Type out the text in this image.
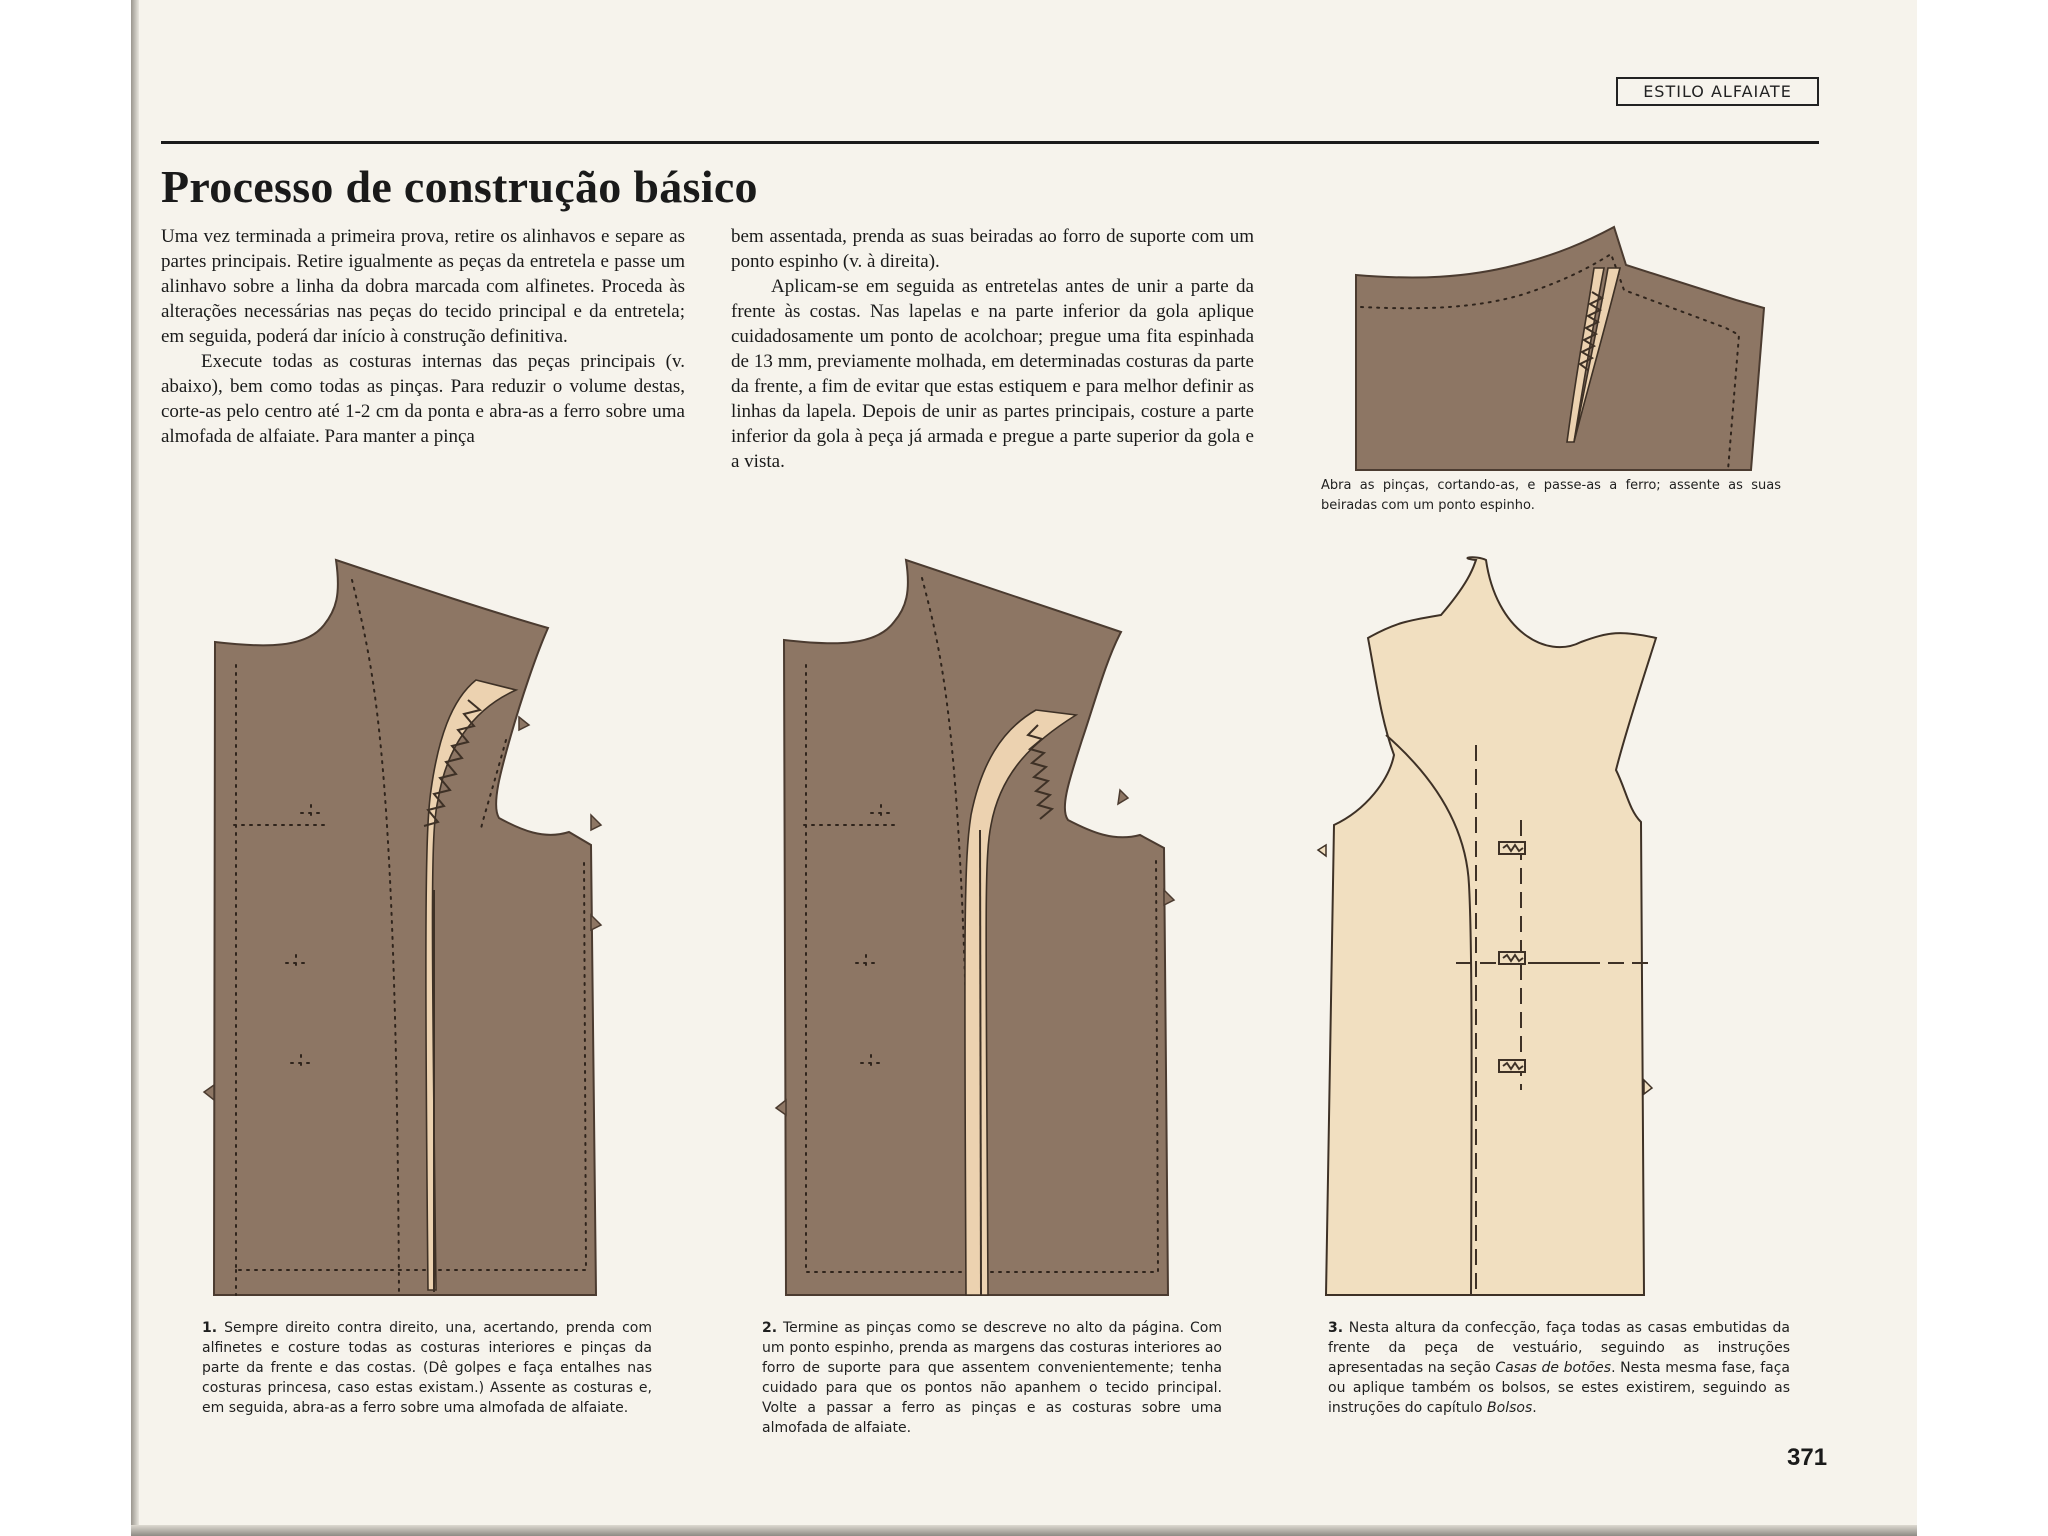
ESTILO ALFAIATE
Processo de construção básico

Uma vez terminada a primeira prova, retire os alinhavos e separe as partes principais. Retire igualmente as peças da entretela e passe um alinhavo sobre a linha da dobra marcada com alfinetes. Proceda às alterações necessárias nas peças do tecido principal e da entretela; em seguida, poderá dar início à construção definitiva.

Execute todas as costuras internas das peças principais (v. abaixo), bem como todas as pinças. Para reduzir o volume destas, corte-as pelo centro até 1-2 cm da ponta e abra-as a ferro sobre uma almofada de alfaiate. Para manter a pinça

bem assentada, prenda as suas beiradas ao forro de suporte com um ponto espinho (v. à direita).

Aplicam-se em seguida as entretelas antes de unir a parte da frente às costas. Nas lapelas e na parte inferior da gola aplique cuidadosamente um ponto de acolchoar; pregue uma fita espinhada de 13 mm, previamente molhada, em determinadas costuras da parte da frente, a fim de evitar que estas estiquem e para melhor definir as linhas da lapela. Depois de unir as partes principais, costure a parte inferior da gola à peça já armada e pregue a parte superior da gola e a vista.

Abra as pinças, cortando-as, e passe-as a ferro; assente as suas beiradas com um ponto espinho.

1. Sempre direito contra direito, una, acertando, prenda com alfinetes e costure todas as costuras interiores e pinças da parte da frente e das costas. (Dê golpes e faça entalhes nas costuras princesa, caso estas existam.) Assente as costuras e, em seguida, abra-as a ferro sobre uma almofada de alfaiate.

2. Termine as pinças como se descreve no alto da página. Com um ponto espinho, prenda as margens das costuras interiores ao forro de suporte para que assentem convenientemente; tenha cuidado para que os pontos não apanhem o tecido principal. Volte a passar a ferro as pinças e as costuras sobre uma almofada de alfaiate.

3. Nesta altura da confecção, faça todas as casas embutidas da frente da peça de vestuário, seguindo as instruções apresentadas na seção Casas de botões. Nesta mesma fase, faça ou aplique também os bolsos, se estes existirem, seguindo as instruções do capítulo Bolsos.

371
